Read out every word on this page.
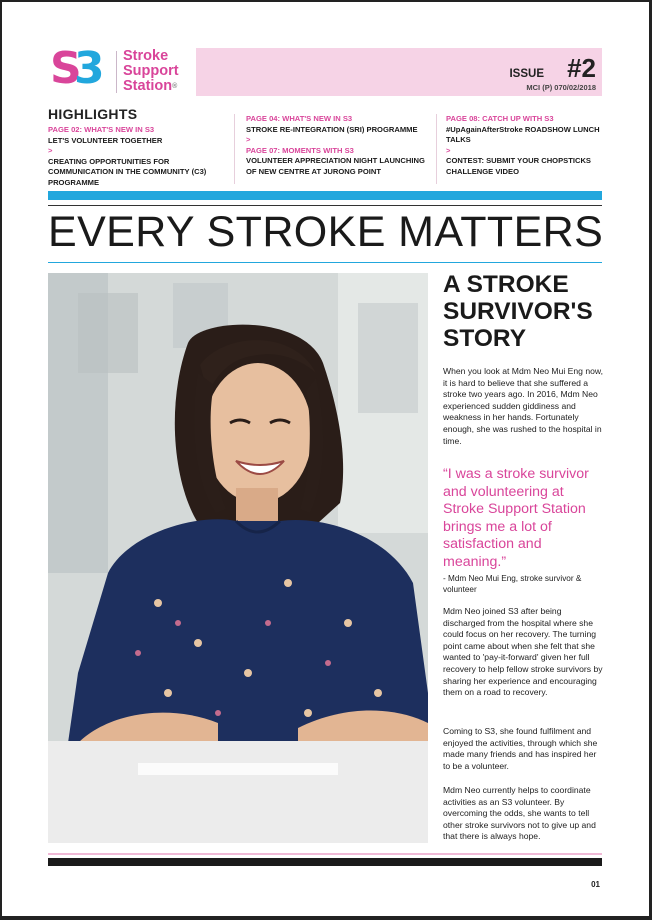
S
3 Stroke
Support
Station®
ISSUE #2
MCI (P) 070/02/2018
HIGHLIGHTS
PAGE 02: WHAT'S NEW IN S3
LET'S VOLUNTEER TOGETHER
>
CREATING OPPORTUNITIES FOR COMMUNICATION IN THE COMMUNITY (C3) PROGRAMME
PAGE 04: WHAT'S NEW IN S3
STROKE RE-INTEGRATION (SRI) PROGRAMME
>
PAGE 07: MOMENTS WITH S3
VOLUNTEER APPRECIATION NIGHT LAUNCHING OF NEW CENTRE AT JURONG POINT
PAGE 08: CATCH UP WITH S3
#UpAgainAfterStroke ROADSHOW LUNCH TALKS
>
CONTEST: SUBMIT YOUR CHOPSTICKS CHALLENGE VIDEO
EVERY STROKE MATTERS
A STROKE SURVIVOR'S STORY

When you look at Mdm Neo Mui Eng now, it is hard to believe that she suffered a stroke two years ago. In 2016, Mdm Neo experienced sudden giddiness and weakness in her hands. Fortunately enough, she was rushed to the hospital in time.

“I was a stroke survivor and volunteering at Stroke Support Station brings me a lot of satisfaction and meaning.”
- Mdm Neo Mui Eng, stroke survivor & volunteer

Mdm Neo joined S3 after being discharged from the hospital where she could focus on her recovery. The turning point came about when she felt that she wanted to 'pay-it-forward' given her full recovery to help fellow stroke survivors by sharing her experience and encouraging them on a road to recovery.

Coming to S3, she found fulfilment and enjoyed the activities, through which she made many friends and has inspired her to be a volunteer.

Mdm Neo currently helps to coordinate activities as an S3 volunteer. By overcoming the odds, she wants to tell other stroke survivors not to give up and that there is always hope.

01
